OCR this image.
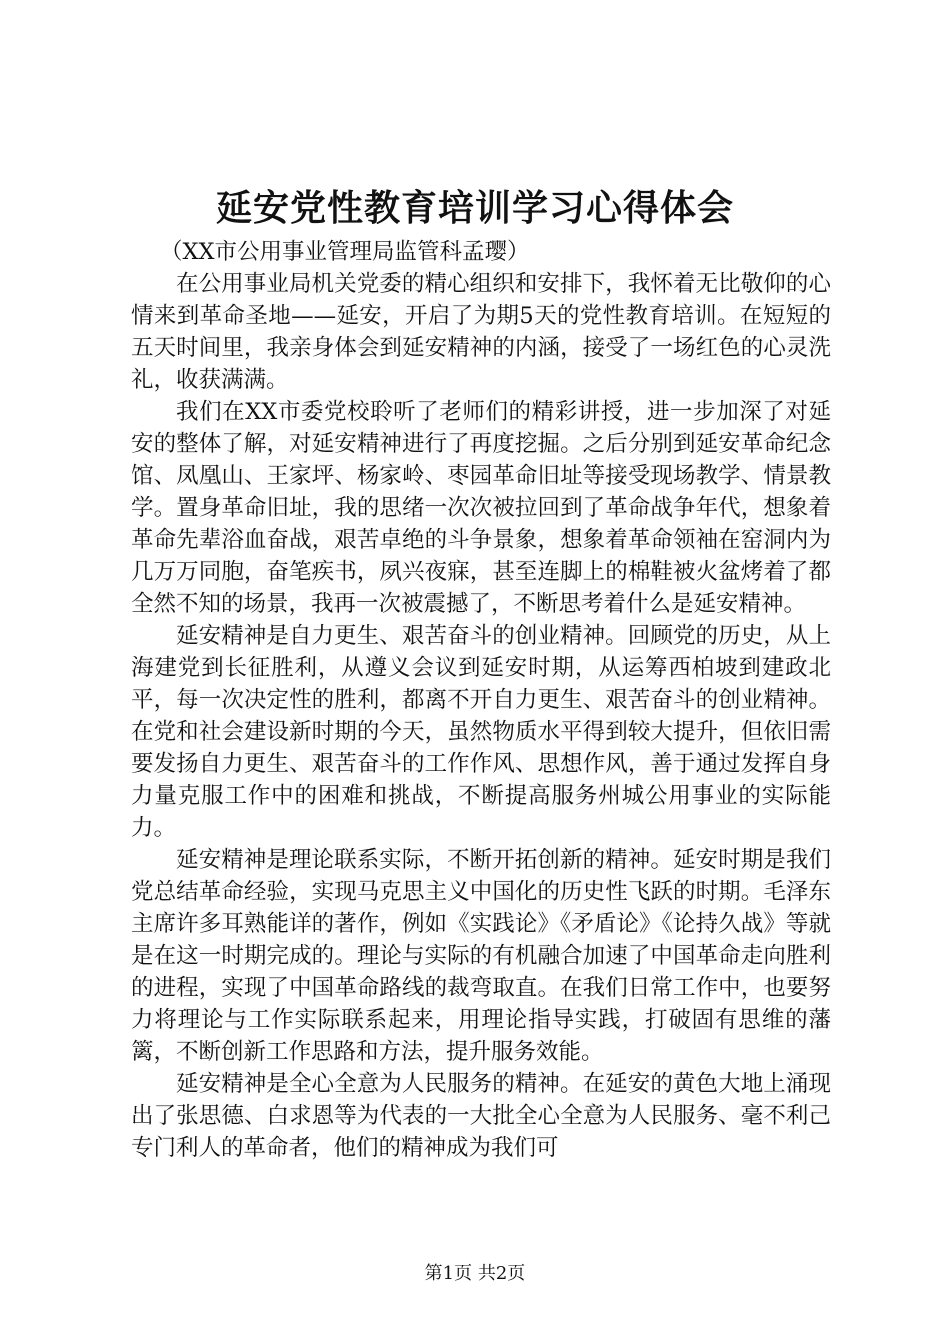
延安党性教育培训学习心得体会
（XX市公用事业管理局监管科孟璎）

在公用事业局机关党委的精心组织和安排下，我怀着无比敬仰的心情来到革命圣地——延安，开启了为期5天的党性教育培训。在短短的五天时间里，我亲身体会到延安精神的内涵，接受了一场红色的心灵洗礼，收获满满。

我们在XX市委党校聆听了老师们的精彩讲授，进一步加深了对延安的整体了解，对延安精神进行了再度挖掘。之后分别到延安革命纪念馆、凤凰山、王家坪、杨家岭、枣园革命旧址等接受现场教学、情景教学。置身革命旧址，我的思绪一次次被拉回到了革命战争年代，想象着革命先辈浴血奋战，艰苦卓绝的斗争景象，想象着革命领袖在窑洞内为几万万同胞，奋笔疾书，夙兴夜寐，甚至连脚上的棉鞋被火盆烤着了都全然不知的场景，我再一次被震撼了，不断思考着什么是延安精神。

延安精神是自力更生、艰苦奋斗的创业精神。回顾党的历史，从上海建党到长征胜利，从遵义会议到延安时期，从运筹西柏坡到建政北平，每一次决定性的胜利，都离不开自力更生、艰苦奋斗的创业精神。在党和社会建设新时期的今天，虽然物质水平得到较大提升，但依旧需要发扬自力更生、艰苦奋斗的工作作风、思想作风，善于通过发挥自身力量克服工作中的困难和挑战，不断提高服务州城公用事业的实际能力。

延安精神是理论联系实际，不断开拓创新的精神。延安时期是我们党总结革命经验，实现马克思主义中国化的历史性飞跃的时期。毛泽东主席许多耳熟能详的著作，例如《实践论》《矛盾论》《论持久战》等就是在这一时期完成的。理论与实际的有机融合加速了中国革命走向胜利的进程，实现了中国革命路线的裁弯取直。在我们日常工作中，也要努力将理论与工作实际联系起来，用理论指导实践，打破固有思维的藩篱，不断创新工作思路和方法，提升服务效能。

延安精神是全心全意为人民服务的精神。在延安的黄色大地上涌现出了张思德、白求恩等为代表的一大批全心全意为人民服务、毫不利己专门利人的革命者，他们的精神成为我们可

第1页 共2页
